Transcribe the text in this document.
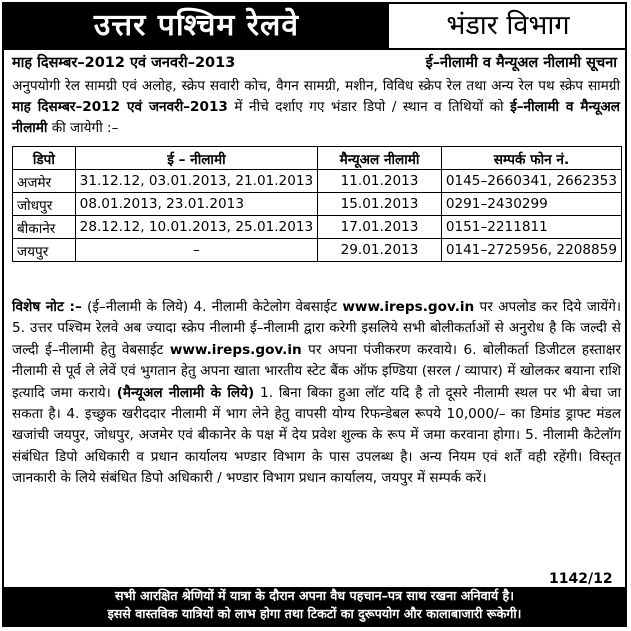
उत्तर पश्चिम रेलवे	भंडार विभाग
माह दिसम्बर–2012 एवं जनवरी–2013	ई–नीलामी व मैन्यूअल नीलामी सूचना
अनुपयोगी रेल सामग्री एवं अलोह, स्क्रेप सवारी कोच, वैगन सामग्री, मशीन, विविध स्क्रेप रेल तथा अन्य रेल पथ स्क्रेप सामग्री माह दिसम्बर–2012 एवं जनवरी–2013 में नीचे दर्शाए गए भंडार डिपो / स्थान व तिथियों को ई–नीलामी व मैन्यूअल नीलामी की जायेगी :–
डिपो	ई – नीलामी	मैन्यूअल नीलामी	सम्पर्क फोन नं.
अजमेर	31.12.12, 03.01.2013, 21.01.2013	11.01.2013	0145–2660341, 2662353
जोधपुर	08.01.2013, 23.01.2013	15.01.2013	0291–2430299
बीकानेर	28.12.12, 10.01.2013, 25.01.2013	17.01.2013	0151–2211811
जयपुर	–	29.01.2013	0141–2725956, 2208859
विशेष नोट :– (ई–नीलामी के लिये) 4. नीलामी केटेलोग वेबसाईट www.ireps.gov.in पर अपलोड कर दिये जायेंगे। 5. उत्तर पश्चिम रेलवे अब ज्यादा स्क्रेप नीलामी ई–नीलामी द्वारा करेगी इसलिये सभी बोलीकर्ताओं से अनुरोध है कि जल्दी से जल्दी ई–नीलामी हेतु वेबसाईट www.ireps.gov.in पर अपना पंजीकरण करवाये। 6. बोलीकर्ता डिजीटल हस्ताक्षर नीलामी से पूर्व ले लेवें एवं भुगतान हेतु अपना खाता भारतीय स्टेट बैंक ऑफ इण्डिया (सरल / व्यापार) में खोलकर बयाना राशि इत्यादि जमा कराये। (मैन्यूअल नीलामी के लिये) 1. बिना बिका हुआ लॉट यदि है तो दूसरे नीलामी स्थल पर भी बेचा जा सकता है। 4. इच्छुक खरीददार नीलामी में भाग लेने हेतु वापसी योग्य रिफन्डेबल रूपये 10,000/– का डिमांड ड्राफ्ट मंडल खजांची जयपुर, जोधपुर, अजमेर एवं बीकानेर के पक्ष में देय प्रवेश शुल्क के रूप में जमा करवाना होगा। 5. नीलामी कैटेलॉग संबंधित डिपो अधिकारी व प्रधान कार्यालय भण्डार विभाग के पास उपलब्ध है। अन्य नियम एवं शर्तें वही रहेंगी। विस्तृत जानकारी के लिये संबंधित डिपो अधिकारी / भण्डार विभाग प्रधान कार्यालय, जयपुर में सम्पर्क करें।
1142/12
सभी आरक्षित श्रेणियों में यात्रा के दौरान अपना वैध पहचान–पत्र साथ रखना अनिवार्य है।
इससे वास्तविक यात्रियों को लाभ होगा तथा टिकटों का दुरूपयोग और कालाबाजारी रूकेगी।
